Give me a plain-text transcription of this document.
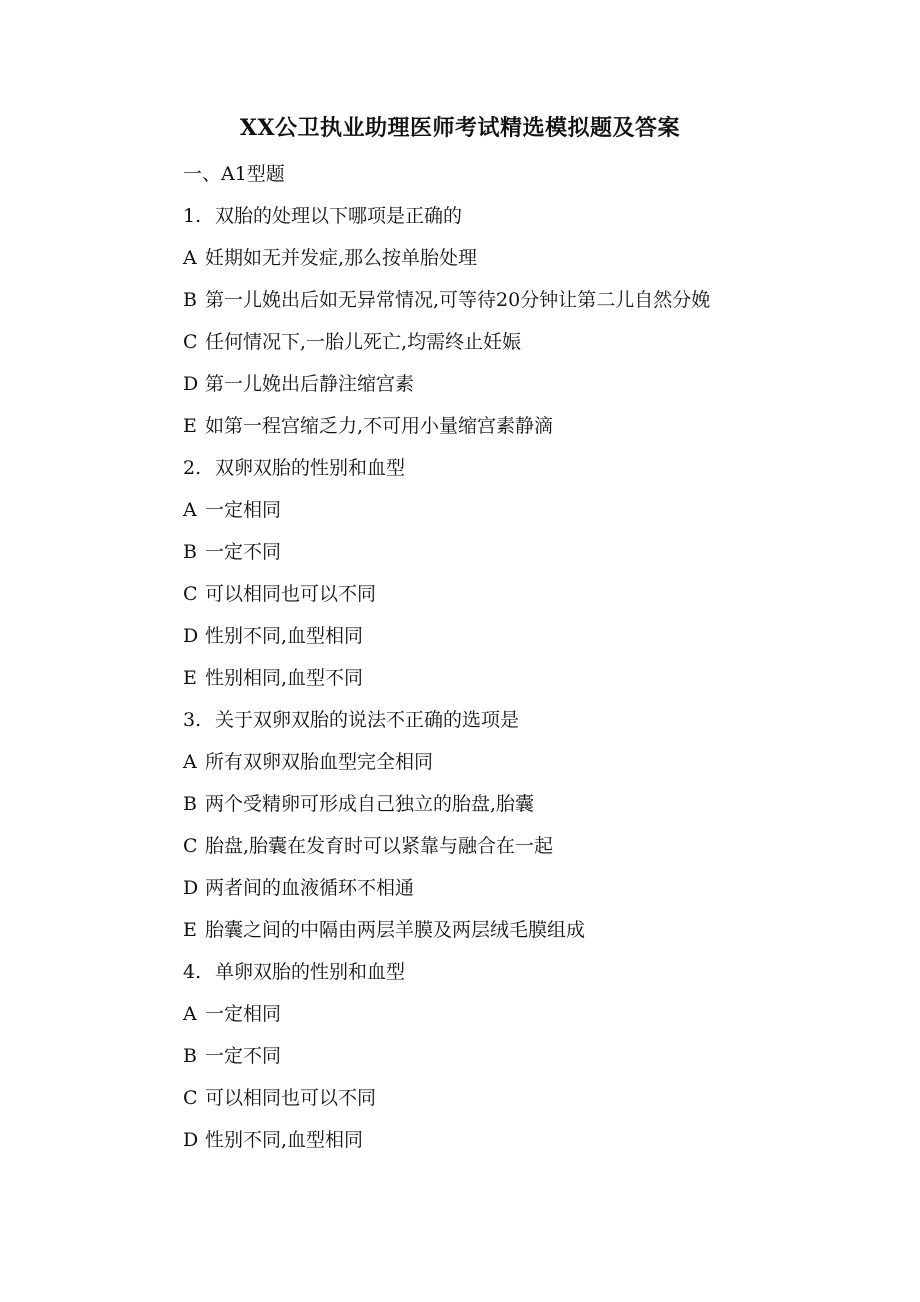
XX公卫执业助理医师考试精选模拟题及答案
一、A1型题
1. 双胎的处理以下哪项是正确的
A 妊期如无并发症,那么按单胎处理
B 第一儿娩出后如无异常情况,可等待20分钟让第二儿自然分娩
C 任何情况下,一胎儿死亡,均需终止妊娠
D 第一儿娩出后静注缩宫素
E 如第一程宫缩乏力,不可用小量缩宫素静滴
2. 双卵双胎的性别和血型
A 一定相同
B 一定不同
C 可以相同也可以不同
D 性别不同,血型相同
E 性别相同,血型不同
3. 关于双卵双胎的说法不正确的选项是
A 所有双卵双胎血型完全相同
B 两个受精卵可形成自己独立的胎盘,胎囊
C 胎盘,胎囊在发育时可以紧靠与融合在一起
D 两者间的血液循环不相通
E 胎囊之间的中隔由两层羊膜及两层绒毛膜组成
4. 单卵双胎的性别和血型
A 一定相同
B 一定不同
C 可以相同也可以不同
D 性别不同,血型相同
